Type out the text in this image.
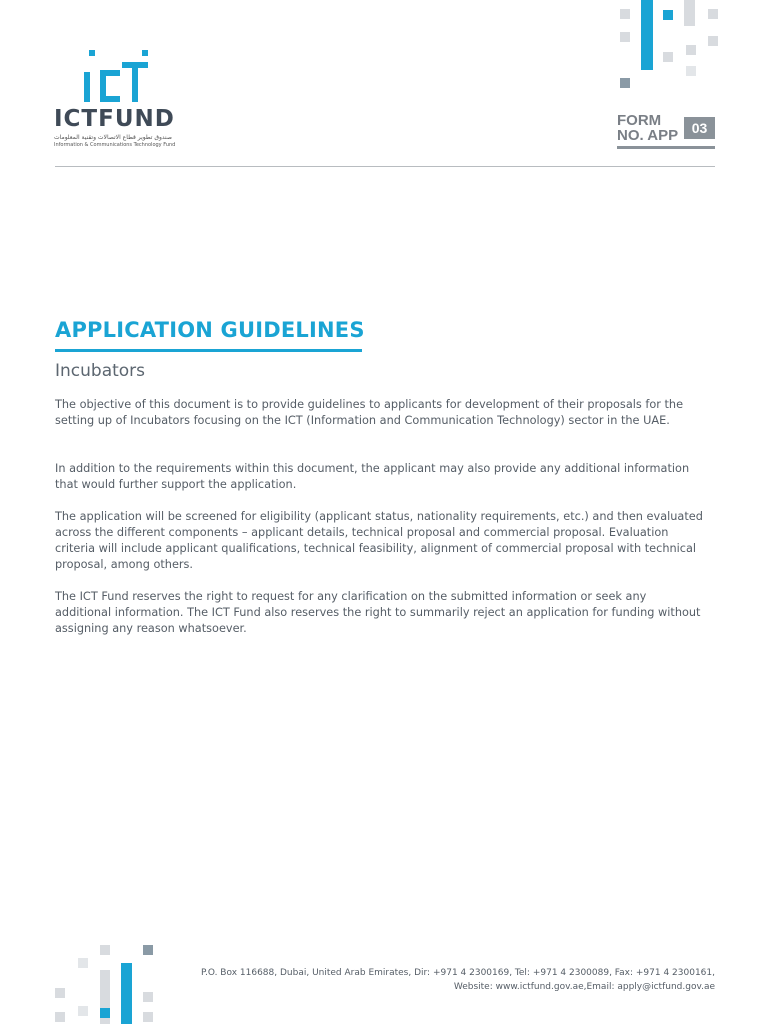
ICTFUND
صندوق تطوير قطاع الاتصالات وتقنية المعلومات
Information & Communications Technology Fund
FORM
NO. APP 03
APPLICATION GUIDELINES
Incubators

The objective of this document is to provide guidelines to applicants for development of their proposals for the setting up of Incubators focusing on the ICT (Information and Communication Technology) sector in the UAE.

In addition to the requirements within this document, the applicant may also provide any additional information that would further support the application.

The application will be screened for eligibility (applicant status, nationality requirements, etc.) and then evaluated across the different components – applicant details, technical proposal and commercial proposal. Evaluation criteria will include applicant qualifications, technical feasibility, alignment of commercial proposal with technical proposal, among others.

The ICT Fund reserves the right to request for any clarification on the submitted information or seek any additional information. The ICT Fund also reserves the right to summarily reject an application for funding without assigning any reason whatsoever.

P.O. Box 116688, Dubai, United Arab Emirates, Dir: +971 4 2300169, Tel: +971 4 2300089, Fax: +971 4 2300161,
Website: www.ictfund.gov.ae,Email: apply@ictfund.gov.ae
